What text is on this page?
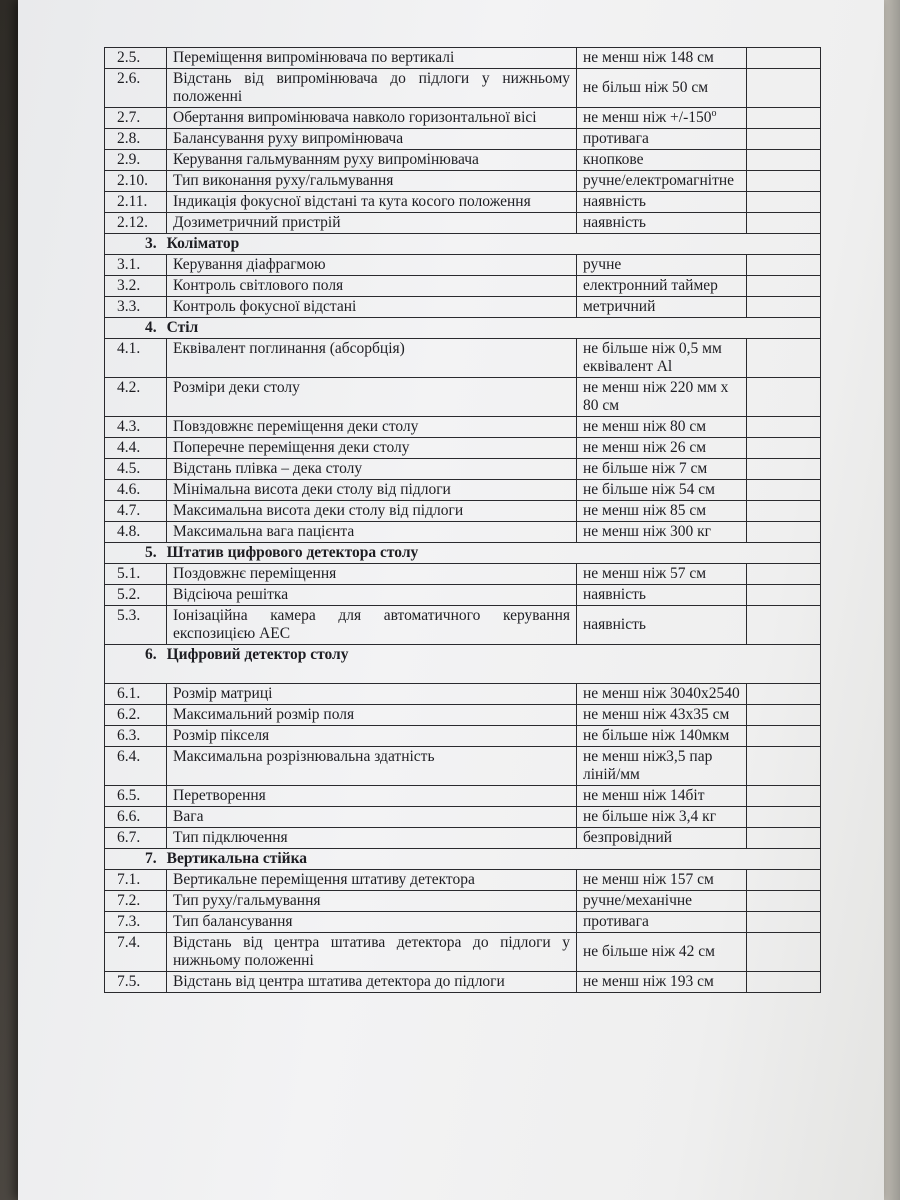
2.5.	Переміщення випромінювача по вертикалі	не менш ніж 148 см	
2.6.	Відстань від випромінювача до підлоги у нижньому положенні	не більш ніж 50 см	
2.7.	Обертання випромінювача навколо горизонтальної вісі	не менш ніж $+/-150^о$	
2.8.	Балансування руху випромінювача	противага	
2.9.	Керування гальмуванням руху випромінювача	кнопкове	
2.10.	Тип виконання руху/гальмування	ручне/електромагнітне	
2.11.	Індикація фокусної відстані та кута косого положення	наявність	
2.12.	Дозиметричний пристрій	наявність	
3. Коліматор			
3.1.	Керування діафрагмою	ручне	
3.2.	Контроль світлового поля	електронний таймер	
3.3.	Контроль фокусної відстані	метричний	
4. Стіл			
4.1.	Еквівалент поглинання (абсорбція)	не більше ніж 0,5 мм еквівалент Al	
4.2.	Розміри деки столу	не менш ніж 220 мм х 80 см	
4.3.	Повздовжнє переміщення деки столу	не менш ніж 80 см	
4.4.	Поперечне переміщення деки столу	не менш ніж 26 см	
4.5.	Відстань плівка – дека столу	не більше ніж 7 см	
4.6.	Мінімальна висота деки столу від підлоги	не більше ніж 54 см	
4.7.	Максимальна висота деки столу від підлоги	не менш ніж 85 см	
4.8.	Максимальна вага пацієнта	не менш ніж 300 кг	
5. Штатив цифрового детектора столу			
5.1.	Поздовжнє переміщення	не менш ніж 57 см	
5.2.	Відсіюча решітка	наявність	
5.3.	Іонізаційна камера для автоматичного керування експозицією АЕС	наявність	
6. Цифровий детектор столу			
6.1.	Розмір матриці	не менш ніж 3040х2540	
6.2.	Максимальний розмір поля	не менш ніж 43х35 см	
6.3.	Розмір пікселя	не більше ніж 140мкм	
6.4.	Максимальна розрізнювальна здатність	не менш ніж3,5 пар ліній/мм	
6.5.	Перетворення	не менш ніж 14біт	
6.6.	Вага	не більше ніж 3,4 кг	
6.7.	Тип підключення	безпровідний	
7. Вертикальна стійка			
7.1.	Вертикальне переміщення штативу детектора	не менш ніж 157 см	
7.2.	Тип руху/гальмування	ручне/механічне	
7.3.	Тип балансування	противага	
7.4.	Відстань від центра штатива детектора до підлоги у нижньому положенні	не більше ніж 42 см	
7.5.	Відстань від центра штатива детектора до підлоги	не менш ніж 193 см	
